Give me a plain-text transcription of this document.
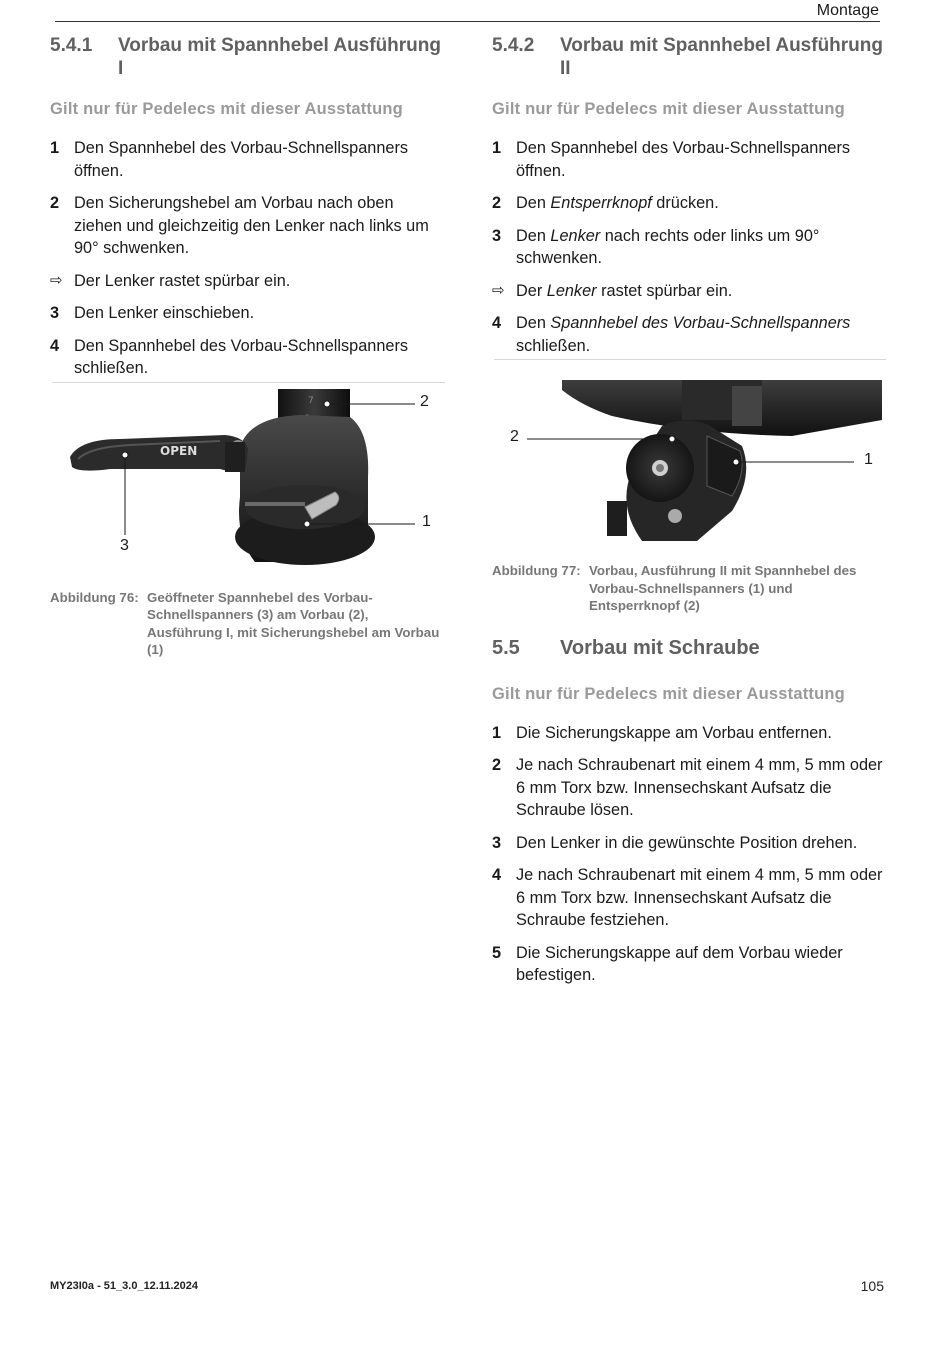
Montage
5.4.1	Vorbau mit Spannhebel Ausführung I
Gilt nur für Pedelecs mit dieser Ausstattung
1 Den Spannhebel des Vorbau-Schnellspanners öffnen.
2 Den Sicherungshebel am Vorbau nach oben ziehen und gleichzeitig den Lenker nach links um 90° schwenken.
⇨ Der Lenker rastet spürbar ein.
3 Den Lenker einschieben.
4 Den Spannhebel des Vorbau-Schnellspanners schließen.
7
OPEN
2
1
3
Abbildung 76: Geöffneter Spannhebel des Vorbau-Schnellspanners (3) am Vorbau (2), Ausführung I, mit Sicherungshebel am Vorbau (1)
5.4.2	Vorbau mit Spannhebel Ausführung II
Gilt nur für Pedelecs mit dieser Ausstattung
1 Den Spannhebel des Vorbau-Schnellspanners öffnen.
2 Den Entsperrknopf drücken.
3 Den Lenker nach rechts oder links um 90° schwenken.
⇨ Der Lenker rastet spürbar ein.
4 Den Spannhebel des Vorbau-Schnellspanners schließen.
2
1
Abbildung 77: Vorbau, Ausführung II mit Spannhebel des Vorbau-Schnellspanners (1) und Entsperrknopf (2)
5.5	Vorbau mit Schraube
Gilt nur für Pedelecs mit dieser Ausstattung
1 Die Sicherungskappe am Vorbau entfernen.
2 Je nach Schraubenart mit einem 4 mm, 5 mm oder 6 mm Torx bzw. Innensechskant Aufsatz die Schraube lösen.
3 Den Lenker in die gewünschte Position drehen.
4 Je nach Schraubenart mit einem 4 mm, 5 mm oder 6 mm Torx bzw. Innensechskant Aufsatz die Schraube festziehen.
5 Die Sicherungskappe auf dem Vorbau wieder befestigen.
MY23I0a - 51_3.0_12.11.2024	105
